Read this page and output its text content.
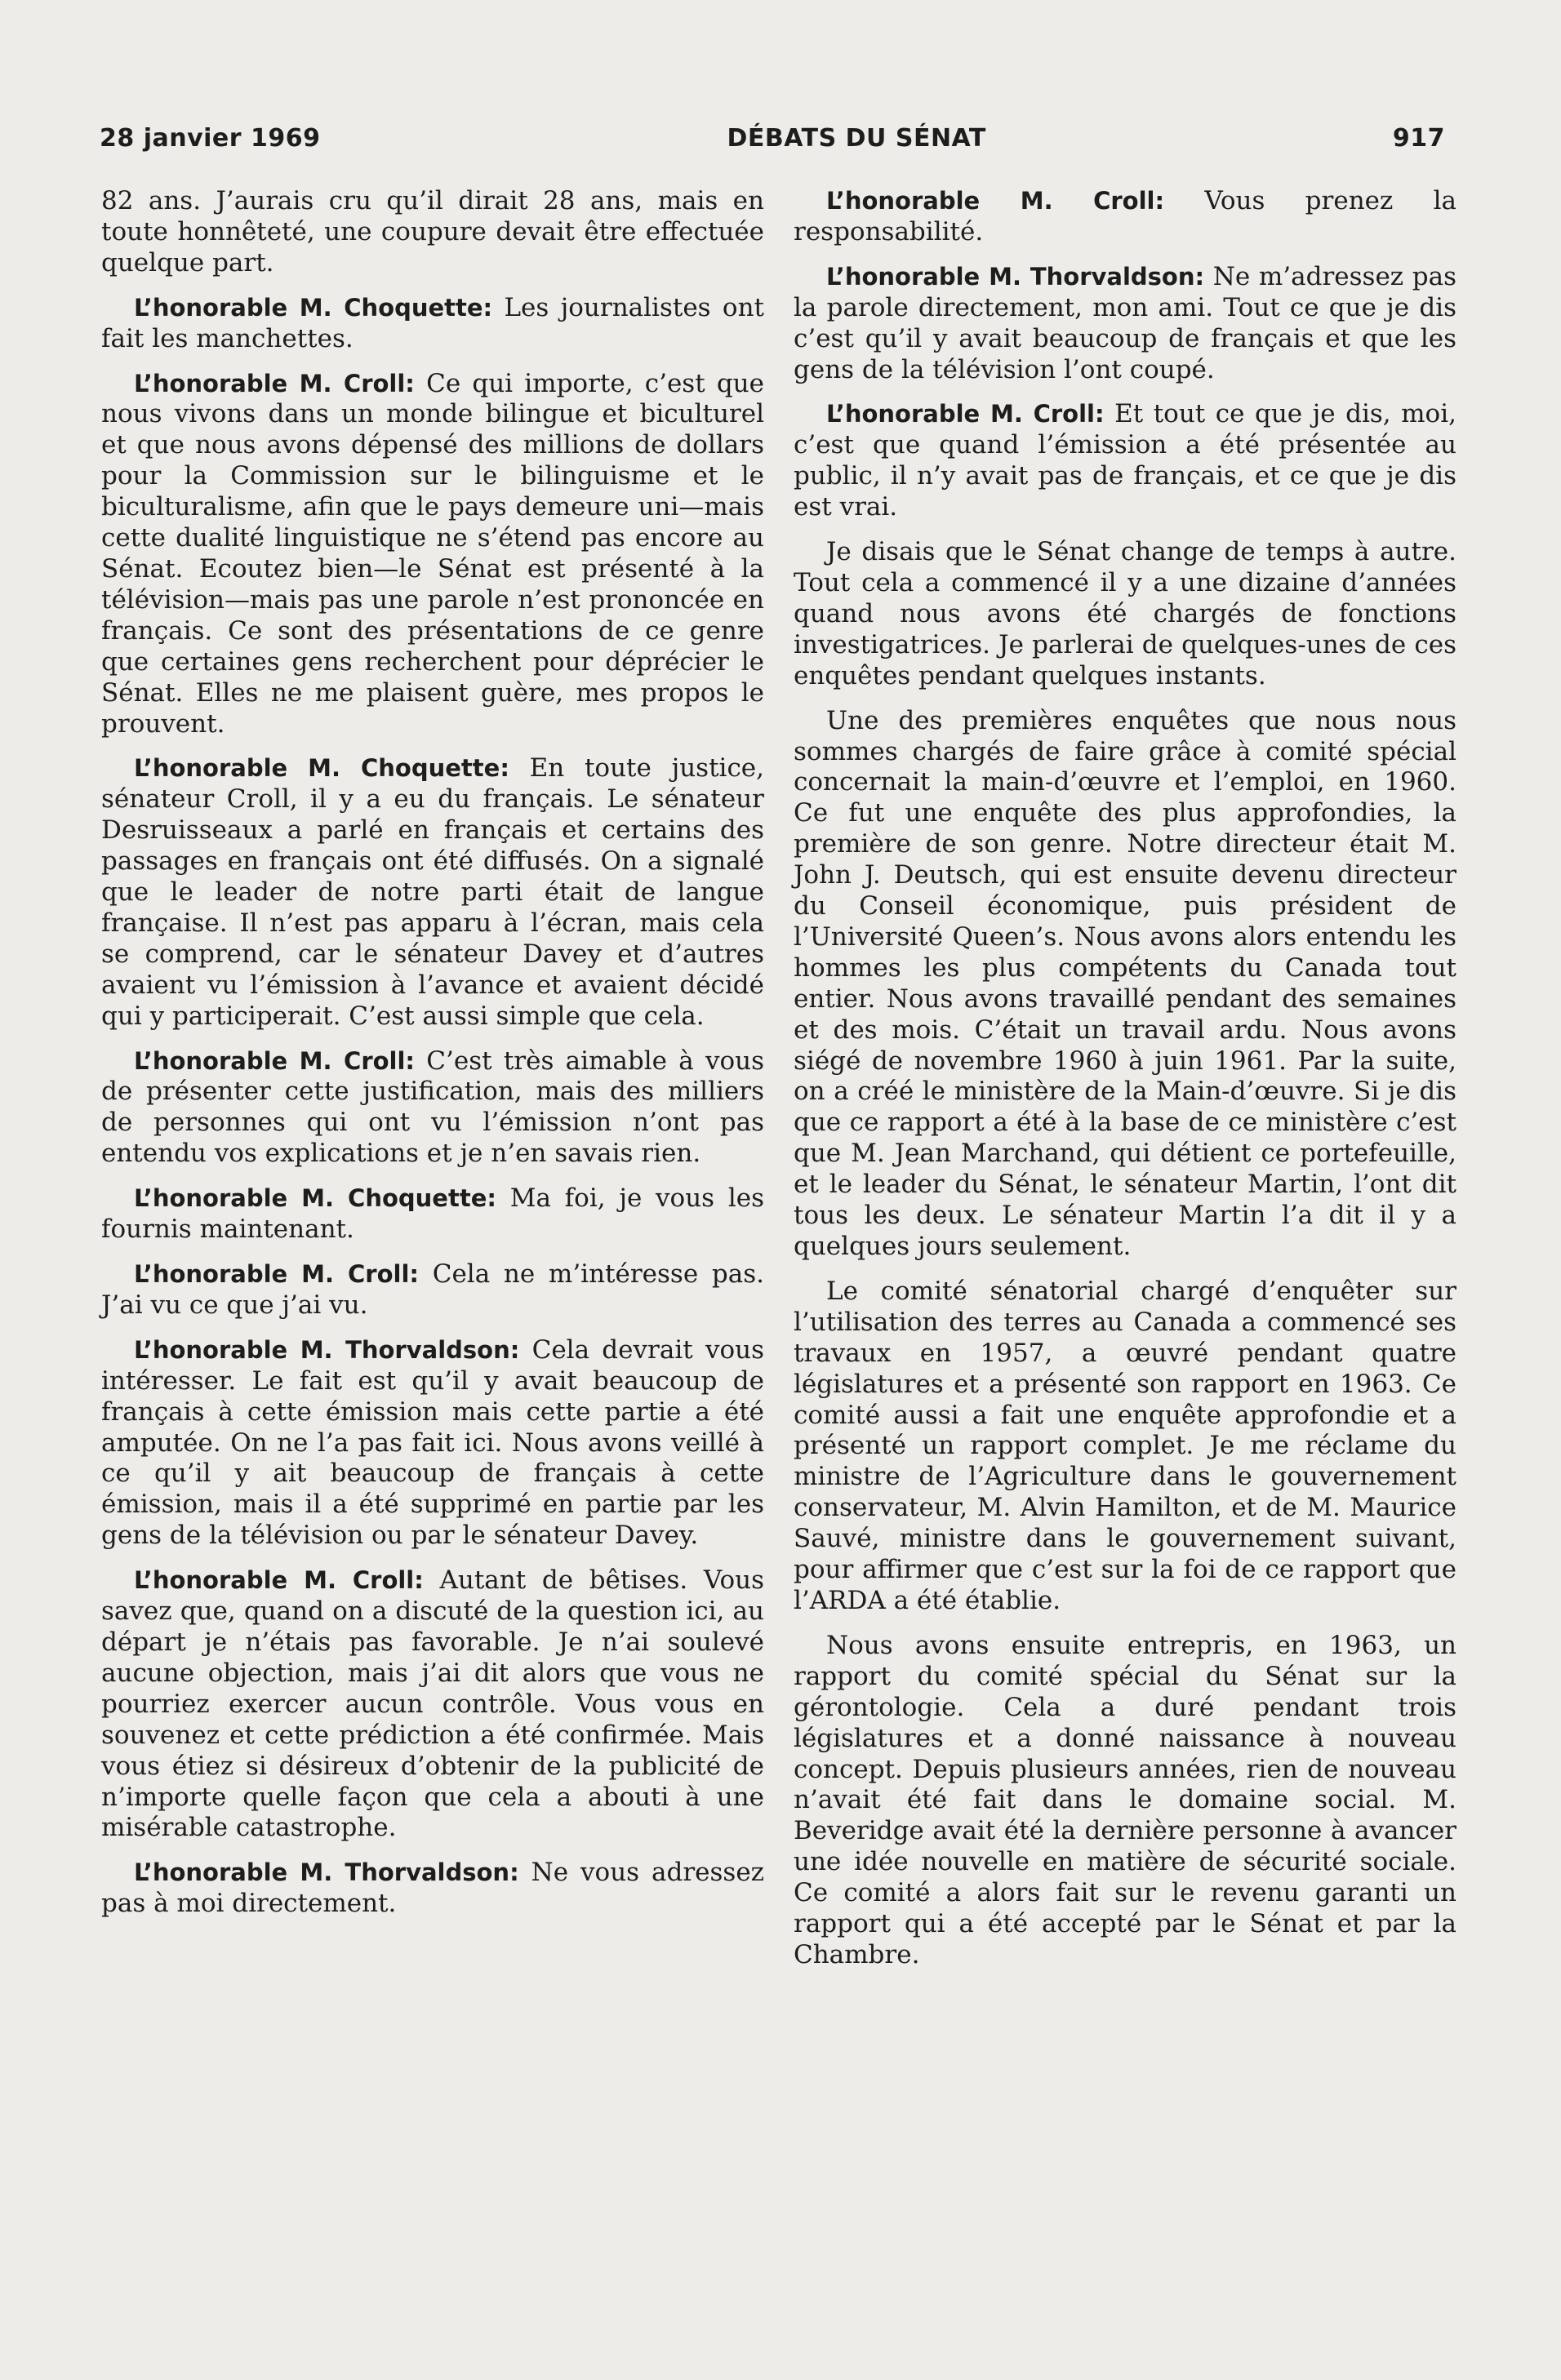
28 janvier 1969	DÉBATS DU SÉNAT	917

82 ans. J’aurais cru qu’il dirait 28 ans, mais en toute honnêteté, une coupure devait être effectuée quelque part.

L’honorable M. Choquette: Les journalistes ont fait les manchettes.

L’honorable M. Croll: Ce qui importe, c’est que nous vivons dans un monde bilingue et biculturel et que nous avons dépensé des millions de dollars pour la Commission sur le bilinguisme et le biculturalisme, afin que le pays demeure uni—mais cette dualité linguistique ne s’étend pas encore au Sénat. Ecoutez bien—le Sénat est présenté à la télévision—mais pas une parole n’est prononcée en français. Ce sont des présentations de ce genre que certaines gens recherchent pour déprécier le Sénat. Elles ne me plaisent guère, mes propos le prouvent.

L’honorable M. Choquette: En toute justice, sénateur Croll, il y a eu du français. Le sénateur Desruisseaux a parlé en français et certains des passages en français ont été diffusés. On a signalé que le leader de notre parti était de langue française. Il n’est pas apparu à l’écran, mais cela se comprend, car le sénateur Davey et d’autres avaient vu l’émission à l’avance et avaient décidé qui y participerait. C’est aussi simple que cela.

L’honorable M. Croll: C’est très aimable à vous de présenter cette justification, mais des milliers de personnes qui ont vu l’émission n’ont pas entendu vos explications et je n’en savais rien.

L’honorable M. Choquette: Ma foi, je vous les fournis maintenant.

L’honorable M. Croll: Cela ne m’intéresse pas. J’ai vu ce que j’ai vu.

L’honorable M. Thorvaldson: Cela devrait vous intéresser. Le fait est qu’il y avait beaucoup de français à cette émission mais cette partie a été amputée. On ne l’a pas fait ici. Nous avons veillé à ce qu’il y ait beaucoup de français à cette émission, mais il a été supprimé en partie par les gens de la télévision ou par le sénateur Davey.

L’honorable M. Croll: Autant de bêtises. Vous savez que, quand on a discuté de la question ici, au départ je n’étais pas favorable. Je n’ai soulevé aucune objection, mais j’ai dit alors que vous ne pourriez exercer aucun contrôle. Vous vous en souvenez et cette prédiction a été confirmée. Mais vous étiez si désireux d’obtenir de la publicité de n’importe quelle façon que cela a abouti à une misérable catastrophe.

L’honorable M. Thorvaldson: Ne vous adressez pas à moi directement.

L’honorable M. Croll: Vous prenez la responsabilité.

L’honorable M. Thorvaldson: Ne m’adressez pas la parole directement, mon ami. Tout ce que je dis c’est qu’il y avait beaucoup de français et que les gens de la télévision l’ont coupé.

L’honorable M. Croll: Et tout ce que je dis, moi, c’est que quand l’émission a été présentée au public, il n’y avait pas de français, et ce que je dis est vrai.

Je disais que le Sénat change de temps à autre. Tout cela a commencé il y a une dizaine d’années quand nous avons été chargés de fonctions investigatrices. Je parlerai de quelques-unes de ces enquêtes pendant quelques instants.

Une des premières enquêtes que nous nous sommes chargés de faire grâce à comité spécial concernait la main-d’œuvre et l’emploi, en 1960. Ce fut une enquête des plus approfondies, la première de son genre. Notre directeur était M. John J. Deutsch, qui est ensuite devenu directeur du Conseil économique, puis président de l’Université Queen’s. Nous avons alors entendu les hommes les plus compétents du Canada tout entier. Nous avons travaillé pendant des semaines et des mois. C’était un travail ardu. Nous avons siégé de novembre 1960 à juin 1961. Par la suite, on a créé le ministère de la Main-d’œuvre. Si je dis que ce rapport a été à la base de ce ministère c’est que M. Jean Marchand, qui détient ce portefeuille, et le leader du Sénat, le sénateur Martin, l’ont dit tous les deux. Le sénateur Martin l’a dit il y a quelques jours seulement.

Le comité sénatorial chargé d’enquêter sur l’utilisation des terres au Canada a commencé ses travaux en 1957, a œuvré pendant quatre législatures et a présenté son rapport en 1963. Ce comité aussi a fait une enquête approfondie et a présenté un rapport complet. Je me réclame du ministre de l’Agriculture dans le gouvernement conservateur, M. Alvin Hamilton, et de M. Maurice Sauvé, ministre dans le gouvernement suivant, pour affirmer que c’est sur la foi de ce rapport que l’ARDA a été établie.

Nous avons ensuite entrepris, en 1963, un rapport du comité spécial du Sénat sur la gérontologie. Cela a duré pendant trois législatures et a donné naissance à nouveau concept. Depuis plusieurs années, rien de nouveau n’avait été fait dans le domaine social. M. Beveridge avait été la dernière personne à avancer une idée nouvelle en matière de sécurité sociale. Ce comité a alors fait sur le revenu garanti un rapport qui a été accepté par le Sénat et par la Chambre.
